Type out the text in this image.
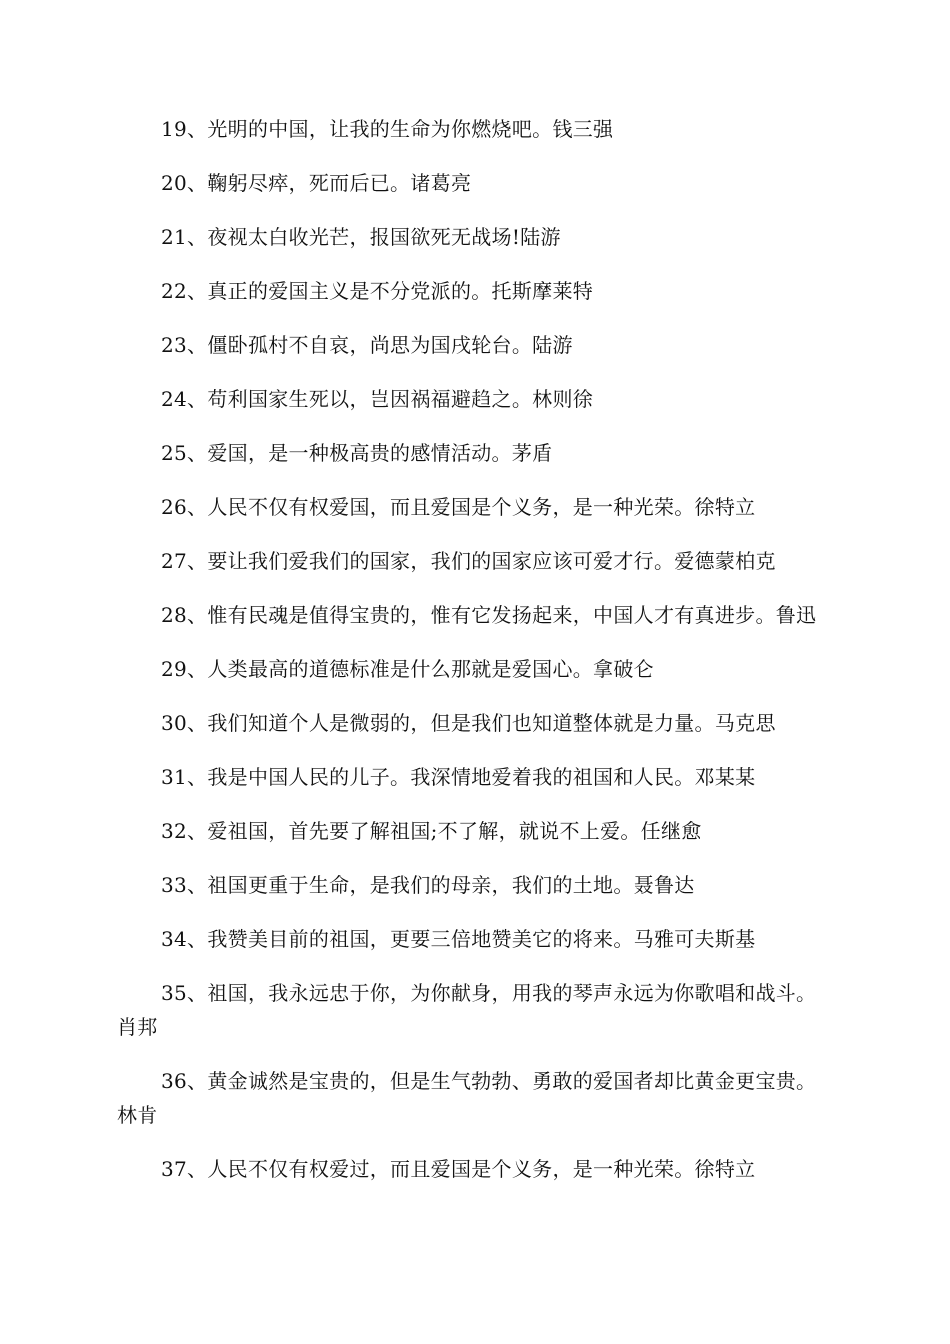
19、光明的中国，让我的生命为你燃烧吧。钱三强

20、鞠躬尽瘁，死而后已。诸葛亮

21、夜视太白收光芒，报国欲死无战场!陆游

22、真正的爱国主义是不分党派的。托斯摩莱特

23、僵卧孤村不自哀，尚思为国戌轮台。陆游

24、苟利国家生死以，岂因祸福避趋之。林则徐

25、爱国，是一种极高贵的感情活动。茅盾

26、人民不仅有权爱国，而且爱国是个义务，是一种光荣。徐特立

27、要让我们爱我们的国家，我们的国家应该可爱才行。爱德蒙柏克

28、惟有民魂是值得宝贵的，惟有它发扬起来，中国人才有真进步。鲁迅

29、人类最高的道德标准是什么那就是爱国心。拿破仑

30、我们知道个人是微弱的，但是我们也知道整体就是力量。马克思

31、我是中国人民的儿子。我深情地爱着我的祖国和人民。邓某某

32、爱祖国，首先要了解祖国;不了解，就说不上爱。任继愈

33、祖国更重于生命，是我们的母亲，我们的土地。聂鲁达

34、我赞美目前的祖国，更要三倍地赞美它的将来。马雅可夫斯基

35、祖国，我永远忠于你，为你献身，用我的琴声永远为你歌唱和战斗。肖邦

36、黄金诚然是宝贵的，但是生气勃勃、勇敢的爱国者却比黄金更宝贵。林肯

37、人民不仅有权爱过，而且爱国是个义务，是一种光荣。徐特立
